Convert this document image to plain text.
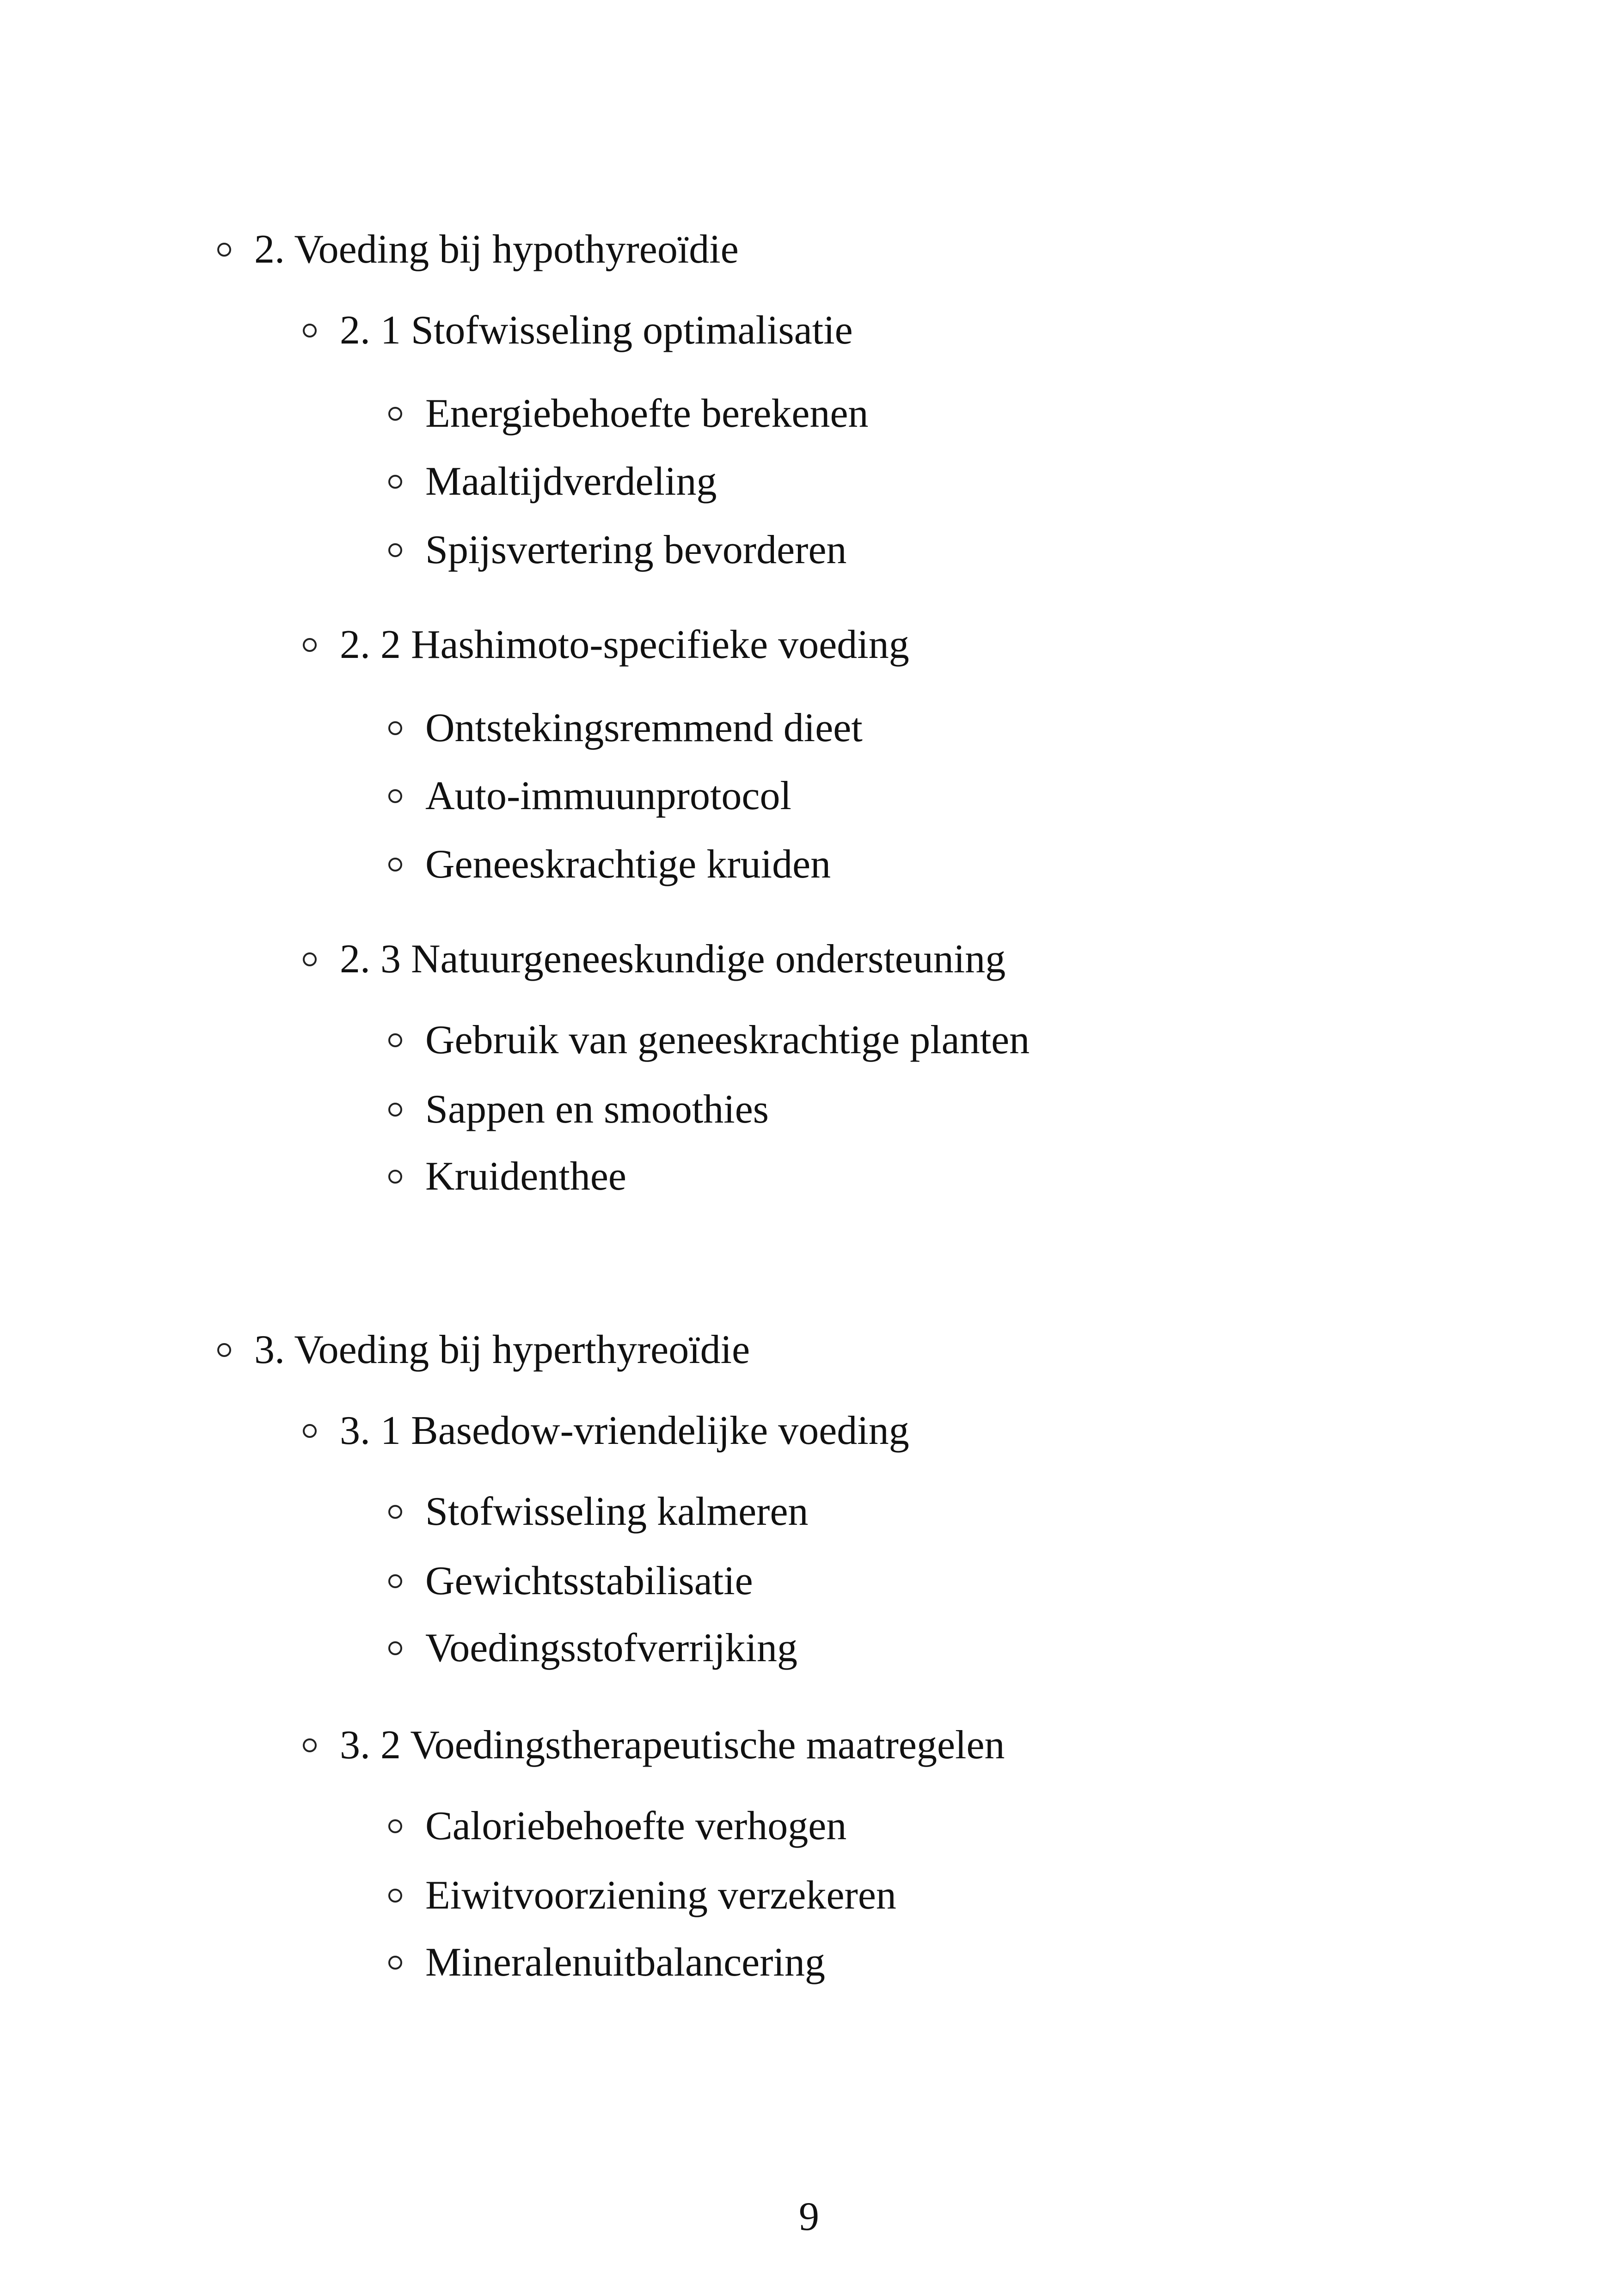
2. Voeding bij hypothyreoïdie
2. 1 Stofwisseling optimalisatie
Energiebehoefte berekenen
Maaltijdverdeling
Spijsvertering bevorderen
2. 2 Hashimoto-specifieke voeding
Ontstekingsremmend dieet
Auto-immuunprotocol
Geneeskrachtige kruiden
2. 3 Natuurgeneeskundige ondersteuning
Gebruik van geneeskrachtige planten
Sappen en smoothies
Kruidenthee
3. Voeding bij hyperthyreoïdie
3. 1 Basedow-vriendelijke voeding
Stofwisseling kalmeren
Gewichtsstabilisatie
Voedingsstofverrijking
3. 2 Voedingstherapeutische maatregelen
Caloriebehoefte verhogen
Eiwitvoorziening verzekeren
Mineralenuitbalancering
9
